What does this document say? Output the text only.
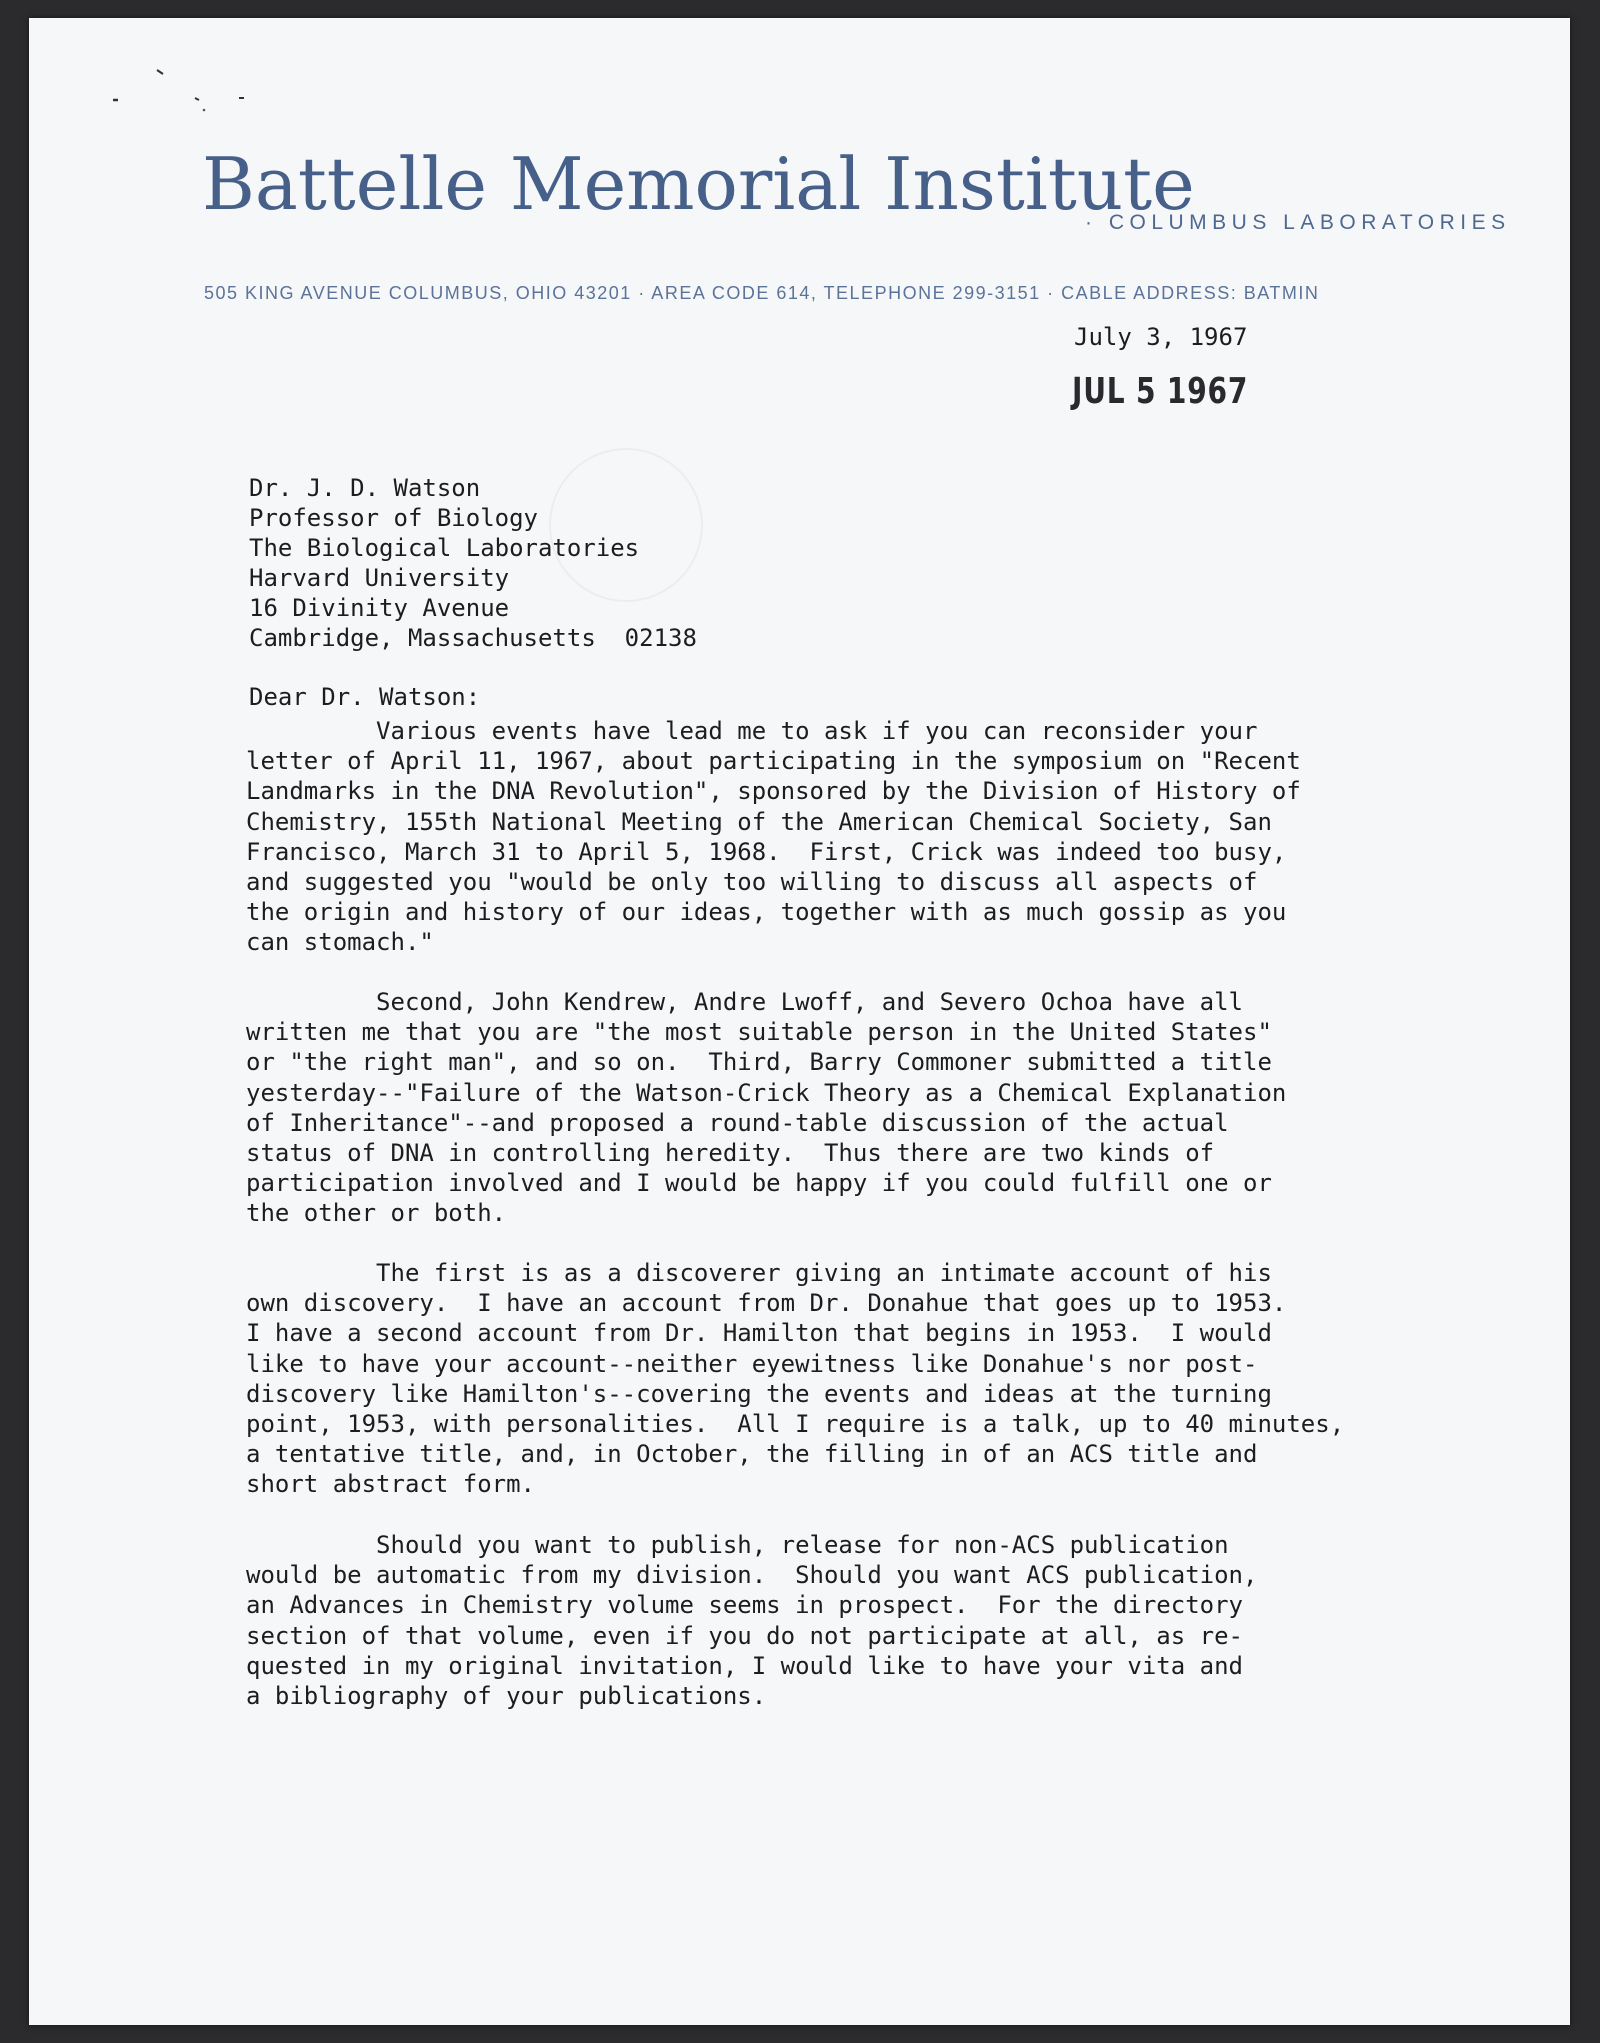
Battelle Memorial Institute
· COLUMBUS LABORATORIES
505 KING AVENUE COLUMBUS, OHIO 43201 · AREA CODE 614, TELEPHONE 299-3151 · CABLE ADDRESS: BATMIN
July 3, 1967
JUL 5 1967
Dr. J. D. Watson
Professor of Biology
The Biological Laboratories
Harvard University
16 Divinity Avenue
Cambridge, Massachusetts  02138
Dear Dr. Watson:
Various events have lead me to ask if you can reconsider your
letter of April 11, 1967, about participating in the symposium on "Recent
Landmarks in the DNA Revolution", sponsored by the Division of History of
Chemistry, 155th National Meeting of the American Chemical Society, San
Francisco, March 31 to April 5, 1968.  First, Crick was indeed too busy,
and suggested you "would be only too willing to discuss all aspects of
the origin and history of our ideas, together with as much gossip as you
can stomach."
Second, John Kendrew, Andre Lwoff, and Severo Ochoa have all
written me that you are "the most suitable person in the United States"
or "the right man", and so on.  Third, Barry Commoner submitted a title
yesterday--"Failure of the Watson-Crick Theory as a Chemical Explanation
of Inheritance"--and proposed a round-table discussion of the actual
status of DNA in controlling heredity.  Thus there are two kinds of
participation involved and I would be happy if you could fulfill one or
the other or both.
The first is as a discoverer giving an intimate account of his
own discovery.  I have an account from Dr. Donahue that goes up to 1953.
I have a second account from Dr. Hamilton that begins in 1953.  I would
like to have your account--neither eyewitness like Donahue's nor post-
discovery like Hamilton's--covering the events and ideas at the turning
point, 1953, with personalities.  All I require is a talk, up to 40 minutes,
a tentative title, and, in October, the filling in of an ACS title and
short abstract form.
Should you want to publish, release for non-ACS publication
would be automatic from my division.  Should you want ACS publication,
an Advances in Chemistry volume seems in prospect.  For the directory
section of that volume, even if you do not participate at all, as re-
quested in my original invitation, I would like to have your vita and
a bibliography of your publications.
